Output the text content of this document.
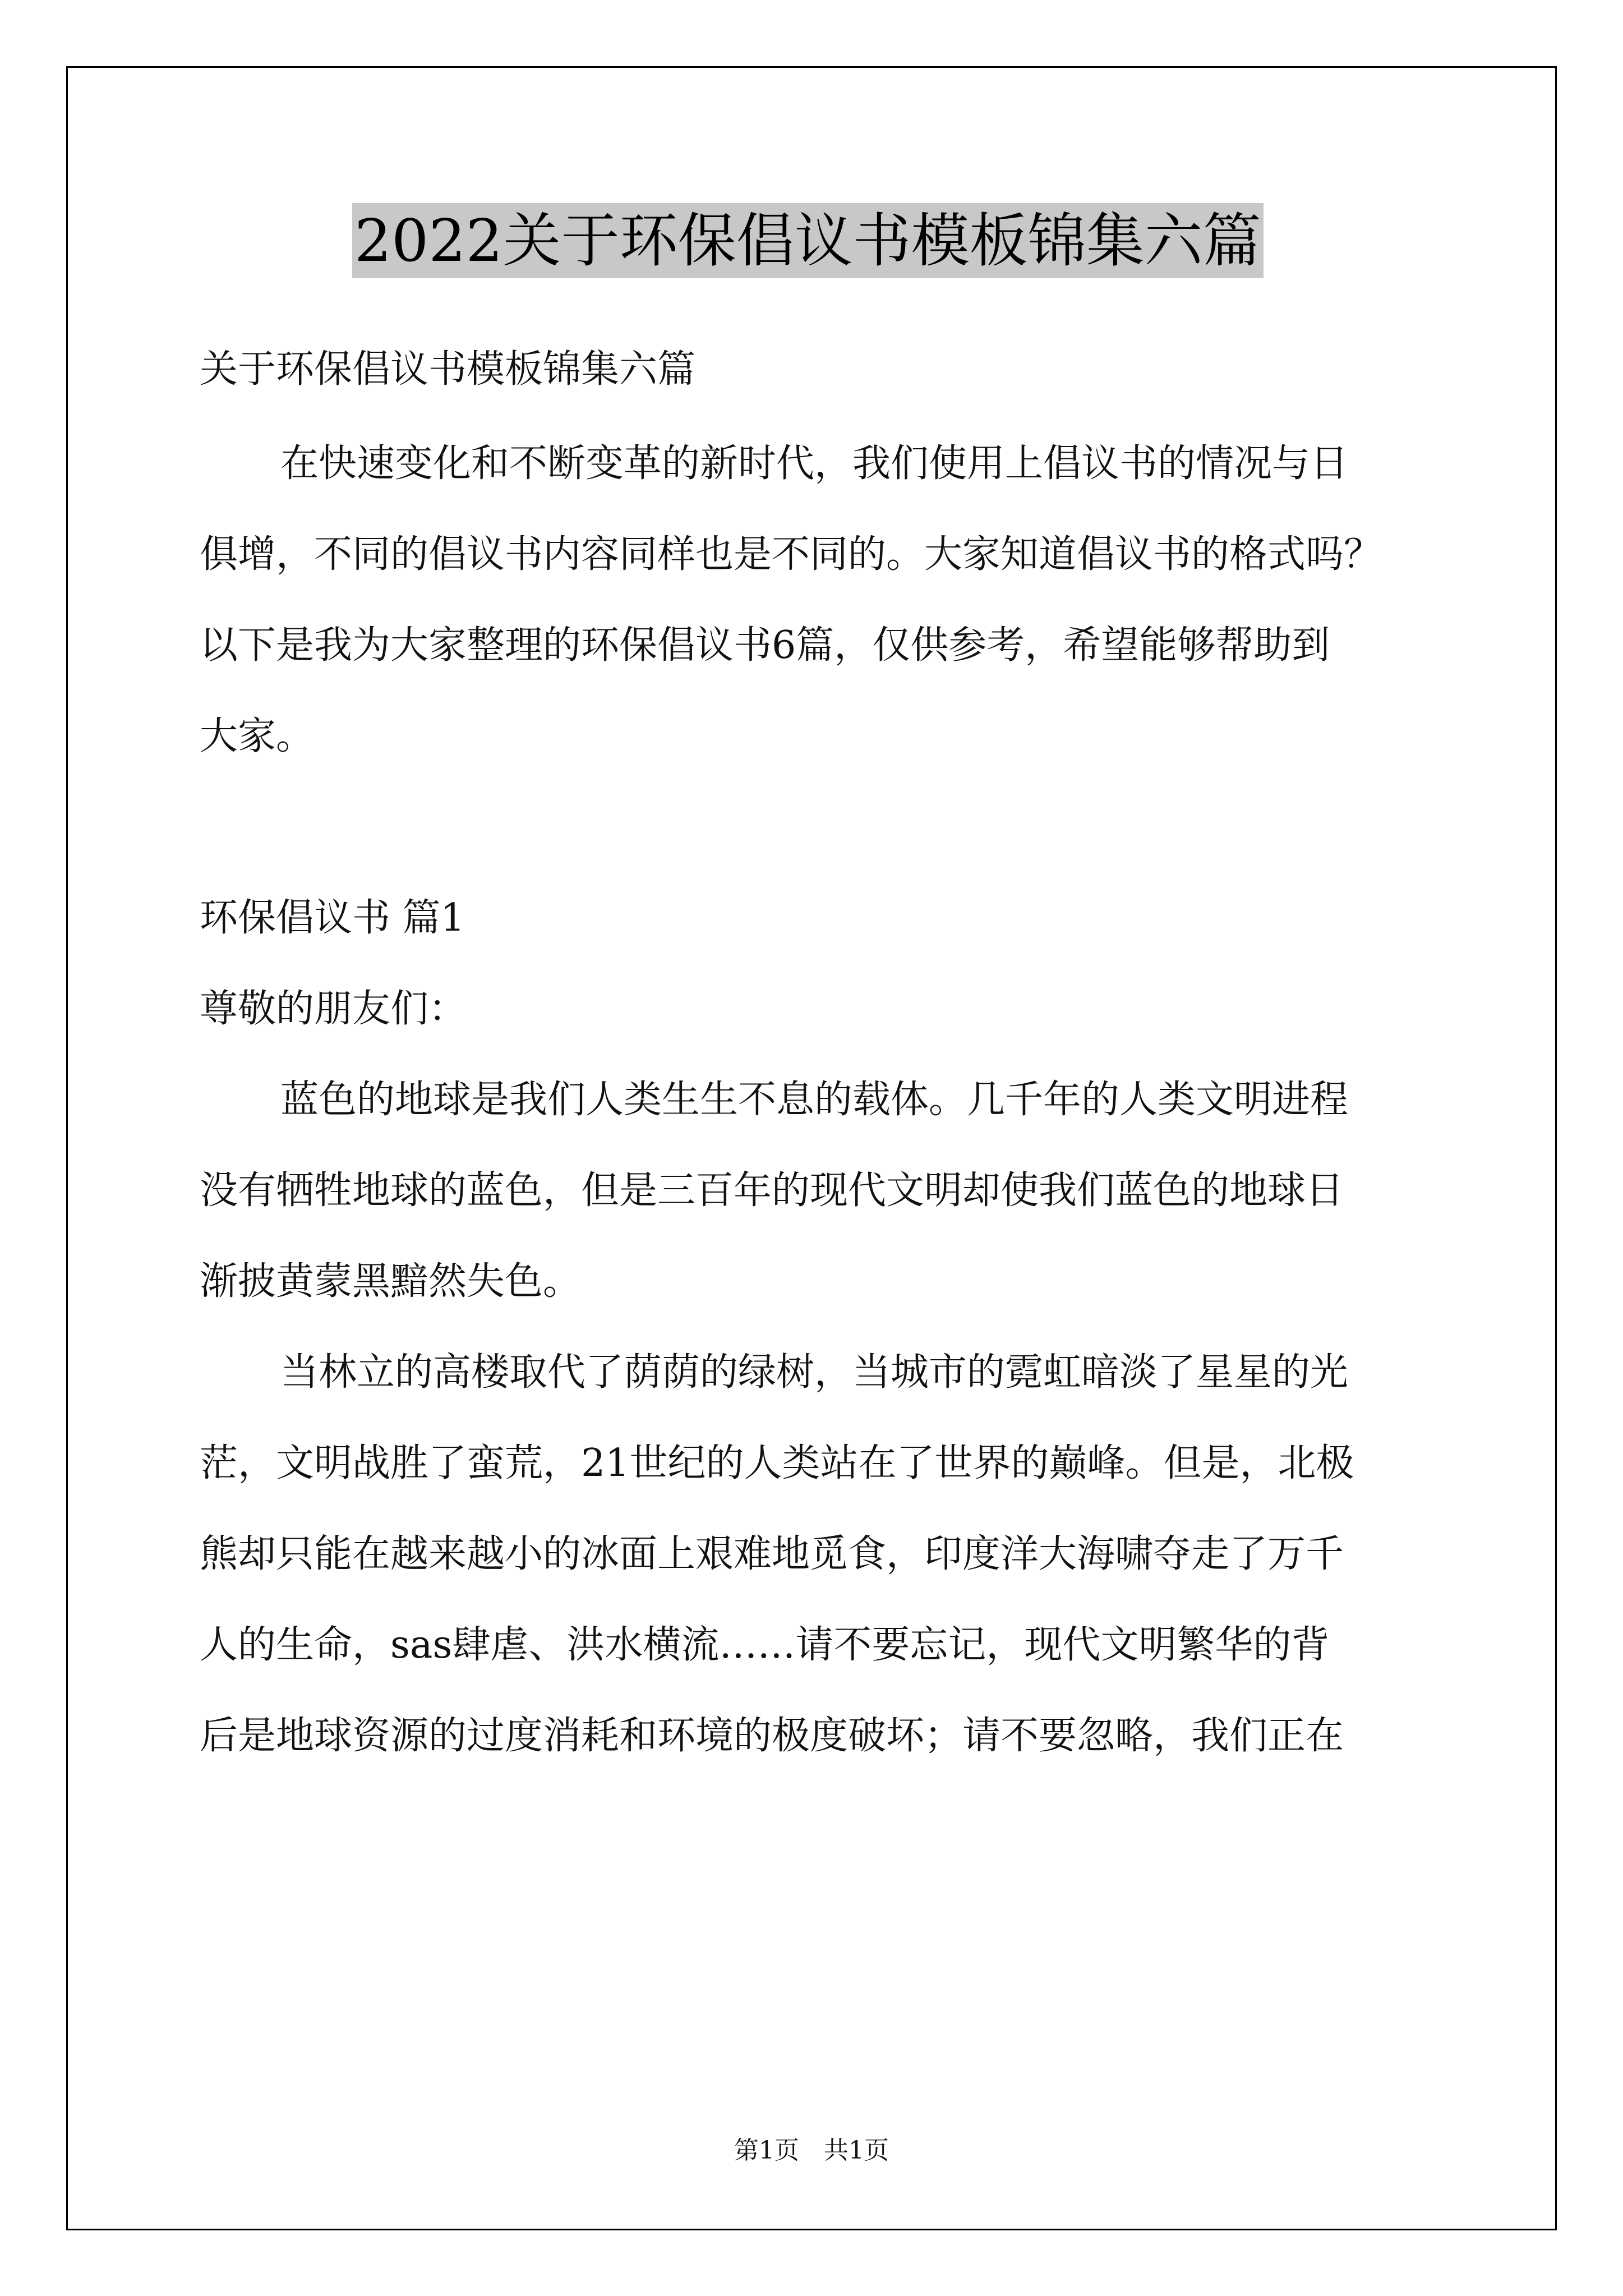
2022关于环保倡议书模板锦集六篇

关于环保倡议书模板锦集六篇

在快速变化和不断变革的新时代，我们使用上倡议书的情况与日

俱增，不同的倡议书内容同样也是不同的。大家知道倡议书的格式吗？

以下是我为大家整理的环保倡议书6篇，仅供参考，希望能够帮助到

大家。

环保倡议书 篇1

尊敬的朋友们：

蓝色的地球是我们人类生生不息的载体。几千年的人类文明进程

没有牺牲地球的蓝色，但是三百年的现代文明却使我们蓝色的地球日

渐披黄蒙黑黯然失色。

当林立的高楼取代了荫荫的绿树，当城市的霓虹暗淡了星星的光

茫，文明战胜了蛮荒，21世纪的人类站在了世界的巅峰。但是，北极

熊却只能在越来越小的冰面上艰难地觅食，印度洋大海啸夺走了万千

人的生命，sas肆虐、洪水横流……请不要忘记，现代文明繁华的背

后是地球资源的过度消耗和环境的极度破坏；请不要忽略，我们正在

第1页　共1页
